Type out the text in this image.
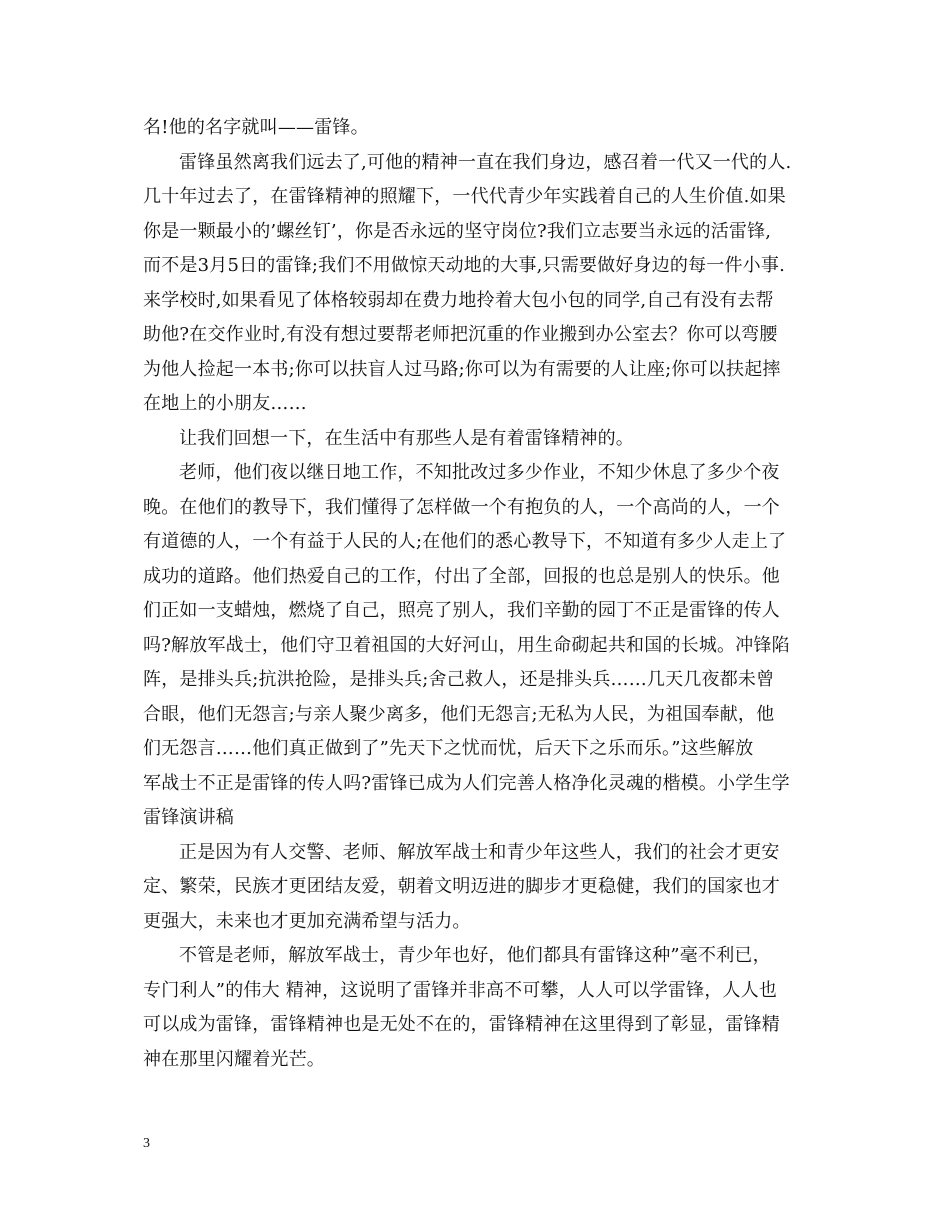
名!他的名字就叫——雷锋。
雷锋虽然离我们远去了,可他的精神一直在我们身边，感召着一代又一代的人.
几十年过去了，在雷锋精神的照耀下，一代代青少年实践着自己的人生价值.如果
你是一颗最小的’螺丝钉’，你是否永远的坚守岗位?我们立志要当永远的活雷锋,
而不是3月5日的雷锋;我们不用做惊天动地的大事,只需要做好身边的每一件小事.
来学校时,如果看见了体格较弱却在费力地拎着大包小包的同学,自己有没有去帮
助他?在交作业时,有没有想过要帮老师把沉重的作业搬到办公室去？你可以弯腰
为他人捡起一本书;你可以扶盲人过马路;你可以为有需要的人让座;你可以扶起摔
在地上的小朋友……
让我们回想一下，在生活中有那些人是有着雷锋精神的。
老师，他们夜以继日地工作，不知批改过多少作业，不知少休息了多少个夜
晚。在他们的教导下，我们懂得了怎样做一个有抱负的人，一个高尚的人，一个
有道德的人，一个有益于人民的人;在他们的悉心教导下，不知道有多少人走上了
成功的道路。他们热爱自己的工作，付出了全部，回报的也总是别人的快乐。他
们正如一支蜡烛，燃烧了自己，照亮了别人，我们辛勤的园丁不正是雷锋的传人
吗?解放军战士，他们守卫着祖国的大好河山，用生命砌起共和国的长城。冲锋陷
阵，是排头兵;抗洪抢险，是排头兵;舍己救人，还是排头兵……几天几夜都未曾
合眼，他们无怨言;与亲人聚少离多，他们无怨言;无私为人民，为祖国奉献，他
们无怨言……他们真正做到了”先天下之忧而忧，后天下之乐而乐。”这些解放
军战士不正是雷锋的传人吗?雷锋已成为人们完善人格净化灵魂的楷模。小学生学
雷锋演讲稿
正是因为有人交警、老师、解放军战士和青少年这些人，我们的社会才更安
定、繁荣，民族才更团结友爱，朝着文明迈进的脚步才更稳健，我们的国家也才
更强大，未来也才更加充满希望与活力。
不管是老师，解放军战士，青少年也好，他们都具有雷锋这种”毫不利已，
专门利人”的伟大 精神，这说明了雷锋并非高不可攀，人人可以学雷锋，人人也
可以成为雷锋，雷锋精神也是无处不在的，雷锋精神在这里得到了彰显，雷锋精
神在那里闪耀着光芒。
3
